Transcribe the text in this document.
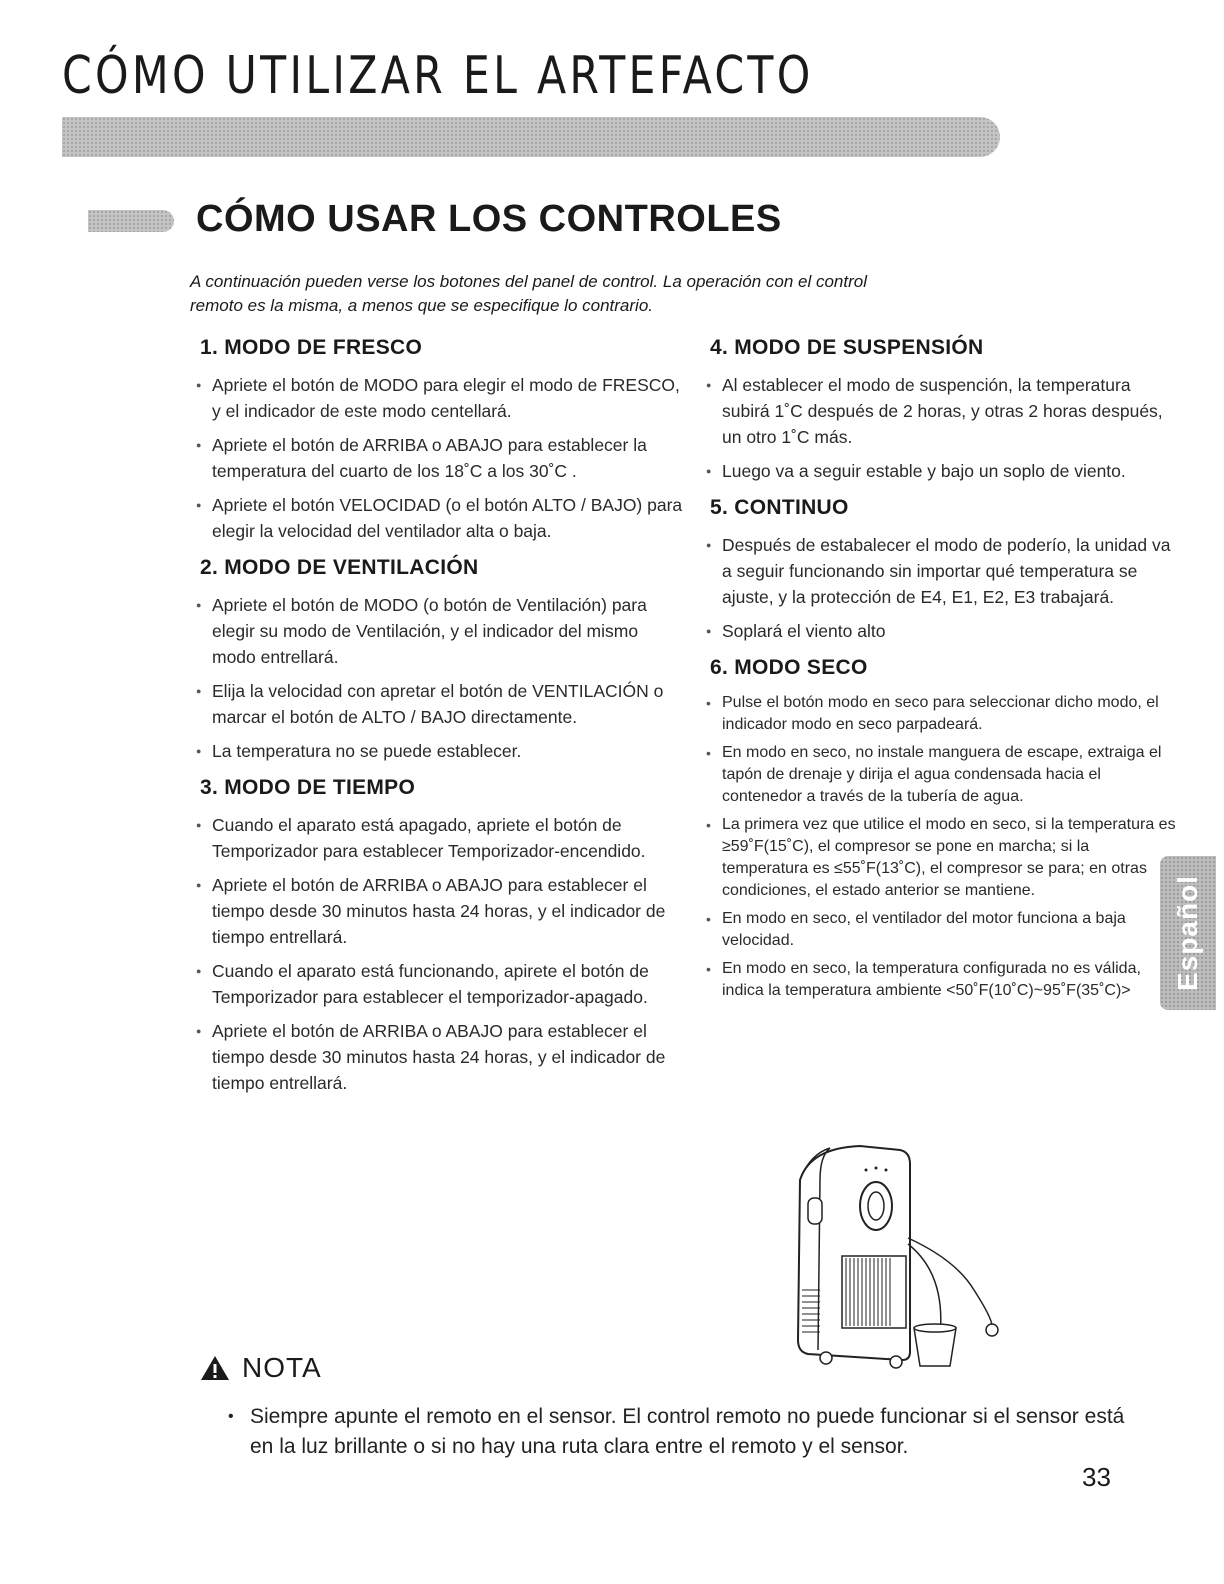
CÓMO UTILIZAR EL ARTEFACTO
CÓMO USAR LOS CONTROLES

A continuación pueden verse los botones del panel de control. La operación con el control
remoto es la misma, a menos que se especifique lo contrario.

1. MODO DE FRESCO
● Apriete el botón de MODO para elegir el modo de FRESCO, y el indicador de este modo centellará.
● Apriete el botón de ARRIBA o ABAJO para establecer la temperatura del cuarto de los 18˚C a los 30˚C .
● Apriete el botón VELOCIDAD (o el botón ALTO / BAJO) para elegir la velocidad del ventilador alta o baja.
2. MODO DE VENTILACIÓN
● Apriete el botón de MODO (o botón de Ventilación) para elegir su modo de Ventilación, y el indicador del mismo modo entrellará.
● Elija la velocidad con apretar el botón de VENTILACIÓN o marcar el botón de ALTO / BAJO directamente.
● La temperatura no se puede establecer.
3. MODO DE TIEMPO
● Cuando el aparato está apagado, apriete el botón de Temporizador para establecer Temporizador-encendido.
● Apriete el botón de ARRIBA o ABAJO para establecer el tiempo desde 30 minutos hasta 24 horas, y el indicador de tiempo entrellará.
● Cuando el aparato está funcionando, apirete el botón de Temporizador para establecer el temporizador-apagado.
● Apriete el botón de ARRIBA o ABAJO para establecer el tiempo desde 30 minutos hasta 24 horas, y el indicador de tiempo entrellará.
4. MODO DE SUSPENSIÓN
● Al establecer el modo de suspención, la temperatura subirá 1˚C después de 2 horas, y otras 2 horas después, un otro 1˚C más.
● Luego va a seguir estable y bajo un soplo de viento.
5. CONTINUO
● Después de estabalecer el modo de poderío, la unidad va a seguir funcionando sin importar qué temperatura se ajuste, y la protección de E4, E1, E2, E3 trabajará.
● Soplará el viento alto
6. MODO SECO
• Pulse el botón modo en seco para seleccionar dicho modo, el indicador modo en seco parpadeará.
• En modo en seco, no instale manguera de escape, extraiga el tapón de drenaje y dirija el agua condensada hacia el contenedor a través de la tubería de agua.
• La primera vez que utilice el modo en seco, si la temperatura es ≥59˚F(15˚C), el compresor se pone en marcha; si la temperatura es ≤55˚F(13˚C), el compresor se para; en otras condiciones, el estado anterior se mantiene.
• En modo en seco, el ventilador del motor funciona a baja velocidad.
• En modo en seco, la temperatura configurada no es válida, indica la temperatura ambiente <50˚F(10˚C)~95˚F(35˚C)>	Español
NOTA

• Siempre apunte el remoto en el sensor. El control remoto no puede funcionar si el sensor está en la luz brillante o si no hay una ruta clara entre el remoto y el sensor.

33
